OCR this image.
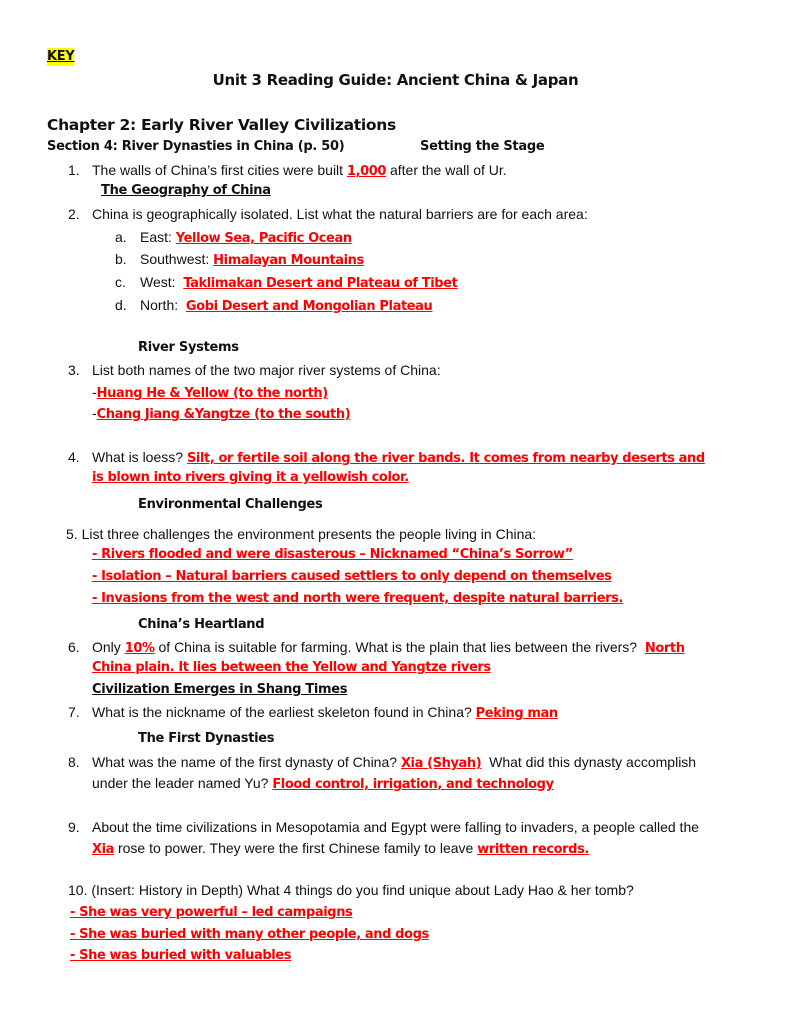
KEY
Unit 3 Reading Guide: Ancient China & Japan
Chapter 2: Early River Valley Civilizations
Section 4: River Dynasties in China (p. 50)	Setting the Stage
1. The walls of China’s first cities were built 1,000 after the wall of Ur.
The Geography of China
2. China is geographically isolated. List what the natural barriers are for each area:
a. East: Yellow Sea, Pacific Ocean
b. Southwest: Himalayan Mountains
c. West: Taklimakan Desert and Plateau of Tibet
d. North: Gobi Desert and Mongolian Plateau
River Systems
3. List both names of the two major river systems of China:
-Huang He & Yellow (to the north)
-Chang Jiang &Yangtze (to the south)
4. What is loess? Silt, or fertile soil along the river bands. It comes from nearby deserts and
is blown into rivers giving it a yellowish color.
Environmental Challenges
5. List three challenges the environment presents the people living in China:
- Rivers flooded and were disasterous – Nicknamed “China’s Sorrow”
- Isolation – Natural barriers caused settlers to only depend on themselves
- Invasions from the west and north were frequent, despite natural barriers.
China’s Heartland
6. Only 10% of China is suitable for farming. What is the plain that lies between the rivers? North
China plain. It lies between the Yellow and Yangtze rivers
Civilization Emerges in Shang Times
7. What is the nickname of the earliest skeleton found in China? Peking man
The First Dynasties
8. What was the name of the first dynasty of China? Xia (Shyah) What did this dynasty accomplish
under the leader named Yu? Flood control, irrigation, and technology
9. About the time civilizations in Mesopotamia and Egypt were falling to invaders, a people called the
Xia rose to power. They were the first Chinese family to leave written records.
10. (Insert: History in Depth) What 4 things do you find unique about Lady Hao & her tomb?
- She was very powerful – led campaigns
- She was buried with many other people, and dogs
- She was buried with valuables
